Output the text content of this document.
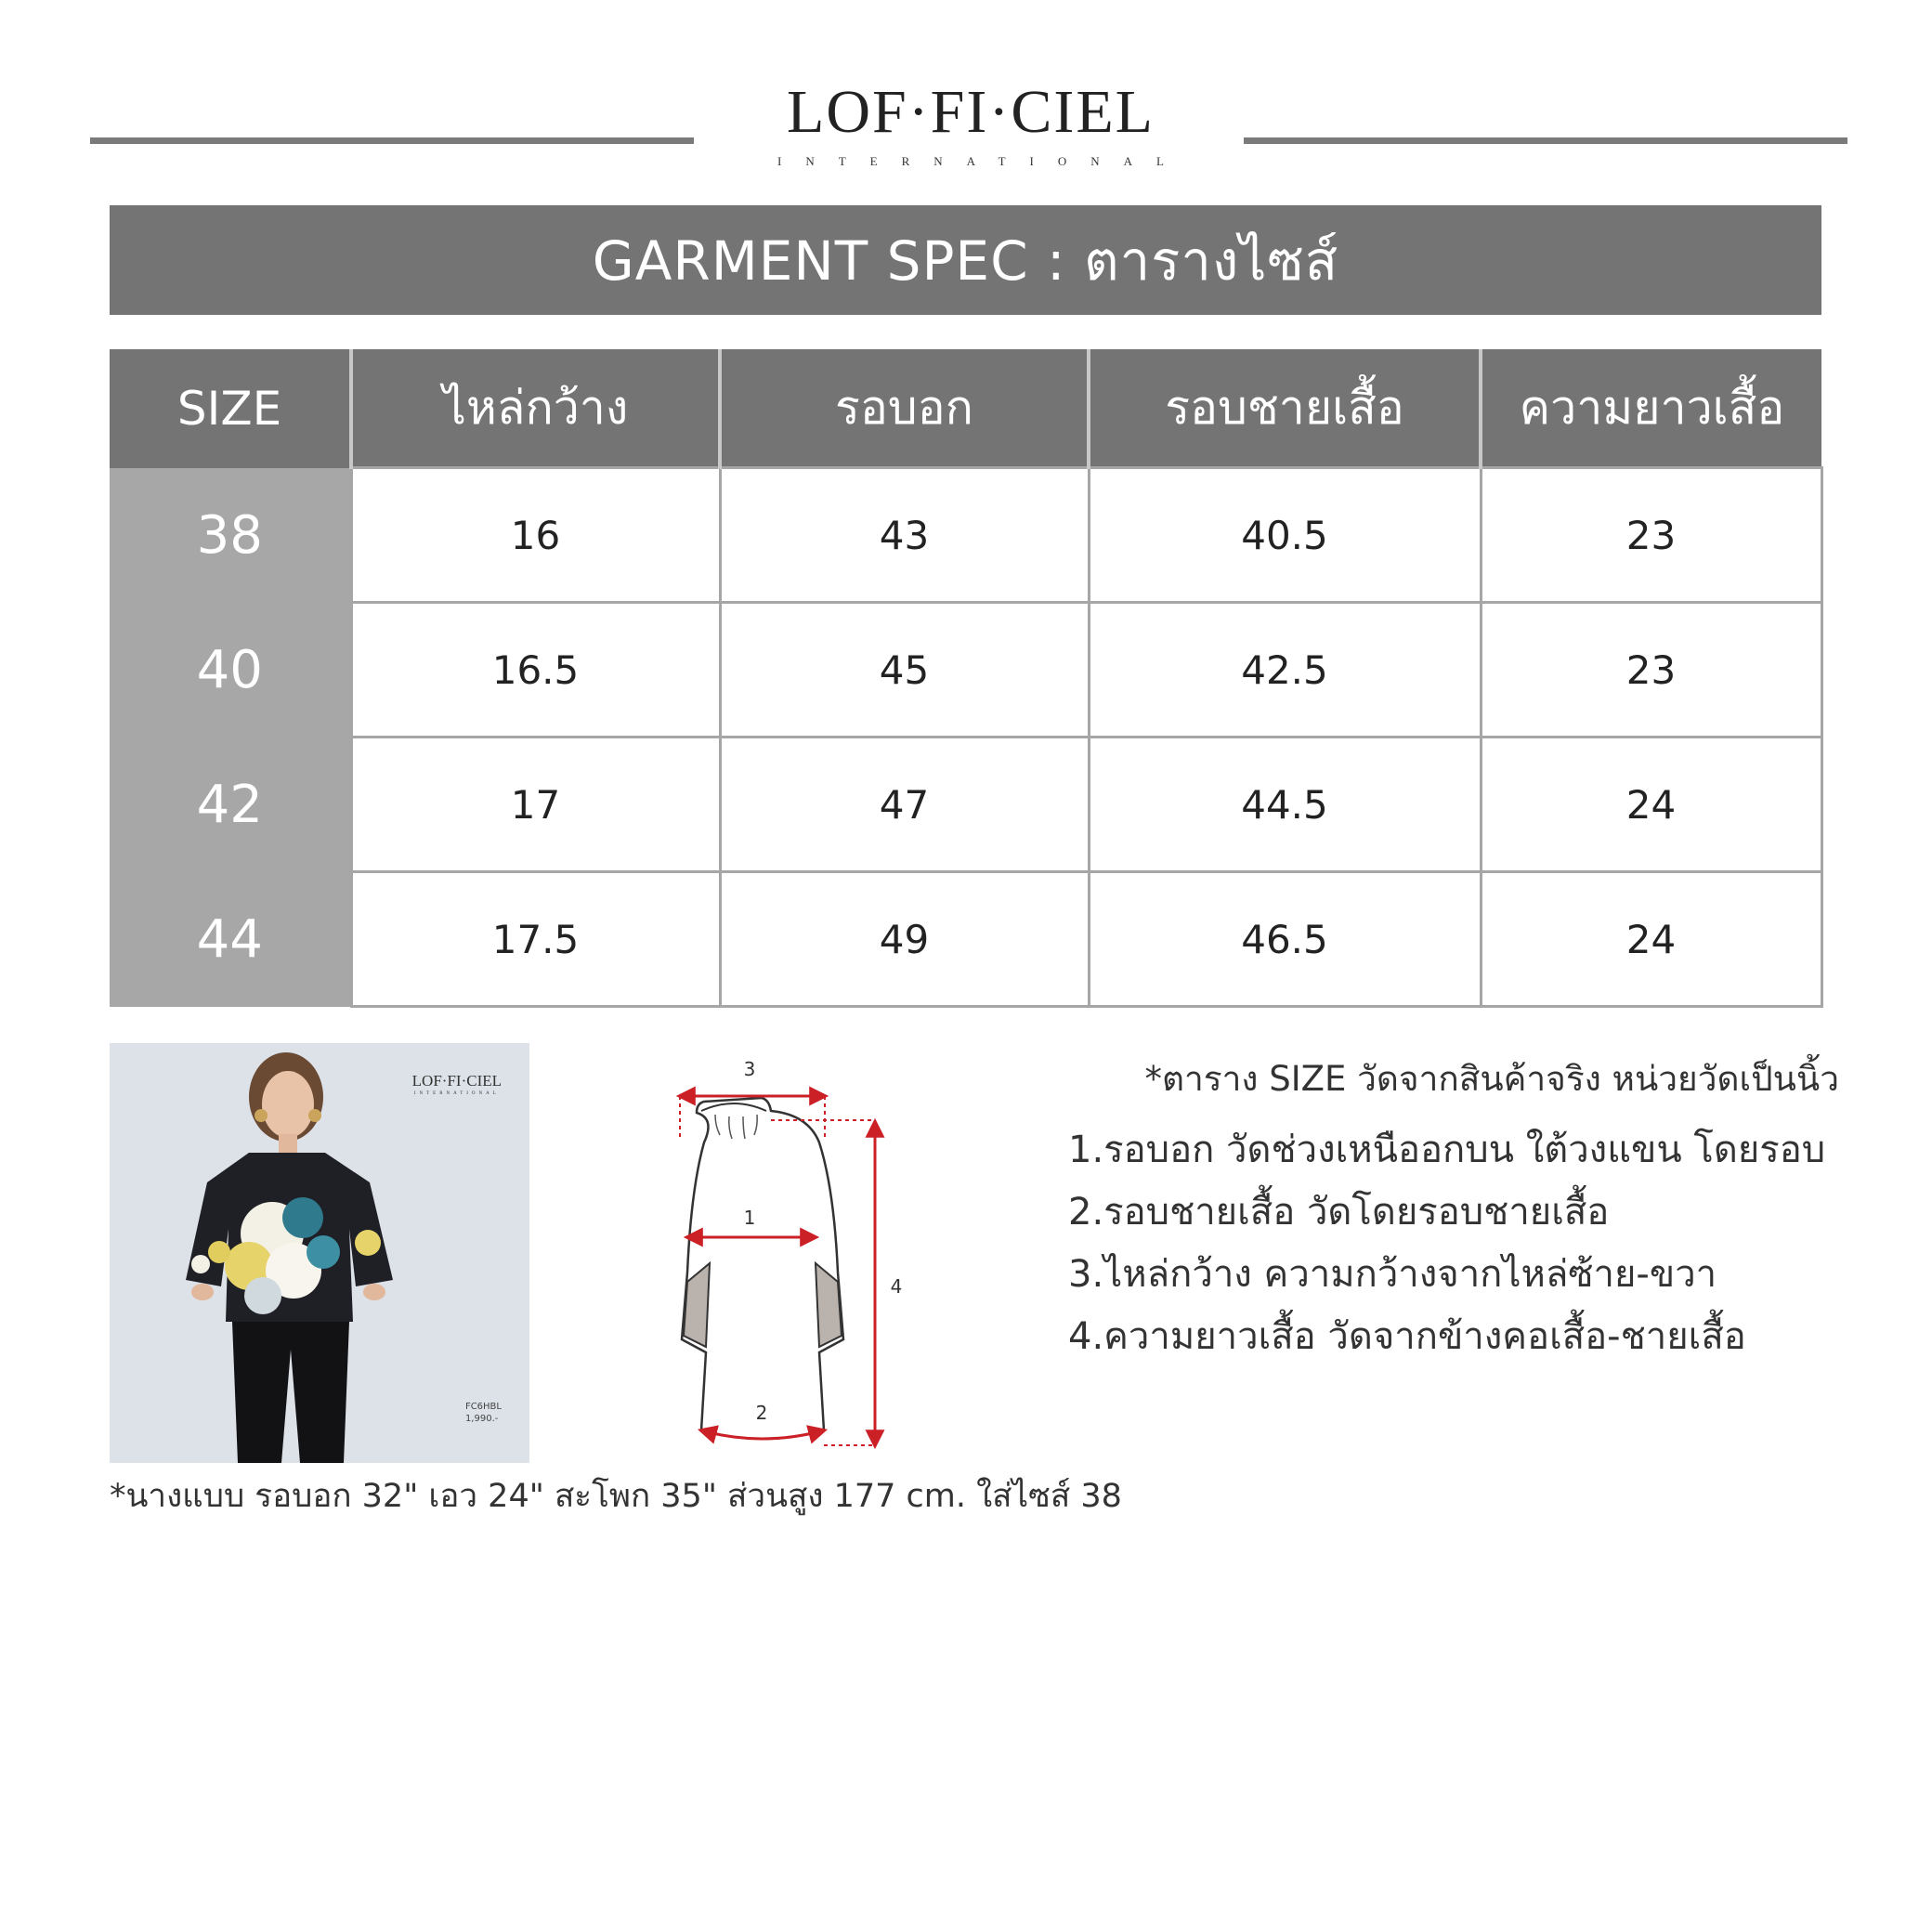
LOF·FI·CIEL
INTERNATIONAL
GARMENT SPEC : ตารางไซส์
SIZE	ไหล่กว้าง	รอบอก	รอบชายเสื้อ	ความยาวเสื้อ
38	16	43	40.5	23
40	16.5	45	42.5	23
42	17	47	44.5	24
44	17.5	49	46.5	24
LOF·FI·CIEL
INTERNATIONAL
FC6HBL
1,990.-
3
1
2
4
*นางแบบ รอบอก 32" เอว 24" สะโพก 35" ส่วนสูง 177 cm. ใส่ไซส์ 38
*ตาราง SIZE วัดจากสินค้าจริง หน่วยวัดเป็นนิ้ว
1.รอบอก วัดช่วงเหนืออกบน ใต้วงแขน โดยรอบ
2.รอบชายเสื้อ วัดโดยรอบชายเสื้อ
3.ไหล่กว้าง ความกว้างจากไหล่ซ้าย-ขวา
4.ความยาวเสื้อ วัดจากข้างคอเสื้อ-ชายเสื้อ
